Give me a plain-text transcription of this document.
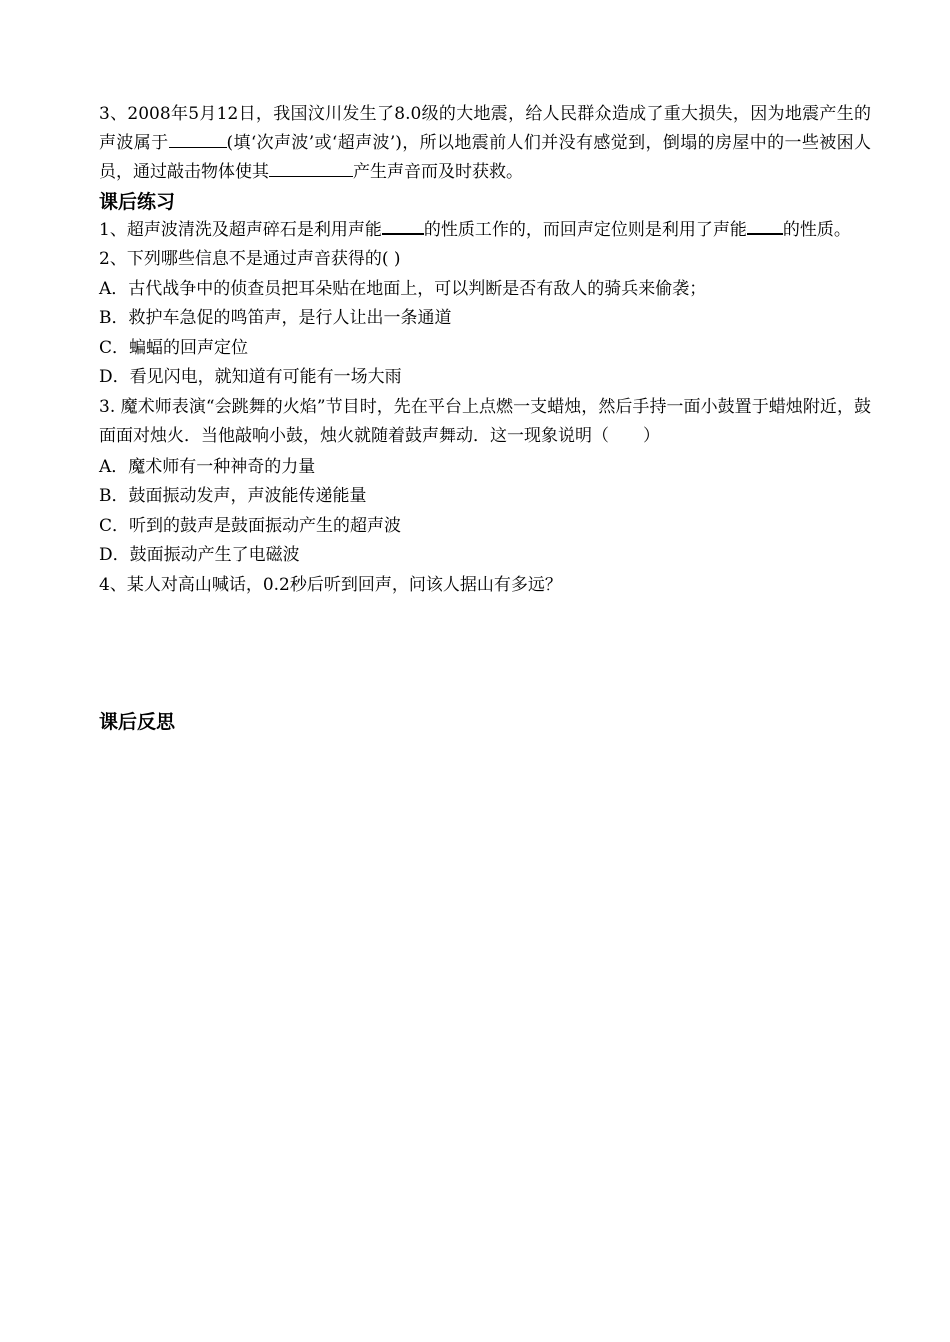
3、2008年5月12日，我国汶川发生了8.0级的大地震，给人民群众造成了重大损失，因为地震产生的声波属于	(填‘次声波’或‘超声波’)，所以地震前人们并没有感觉到，倒塌的房屋中的一些被困人员，通过敲击物体使其	产生声音而及时获救。

课后练习

1、超声波清洗及超声碎石是利用声能 的性质工作的，而回声定位则是利用了声能 的性质。

2、下列哪些信息不是通过声音获得的( )

A．古代战争中的侦查员把耳朵贴在地面上，可以判断是否有敌人的骑兵来偷袭；

B．救护车急促的鸣笛声，是行人让出一条通道

C．蝙蝠的回声定位

D．看见闪电，就知道有可能有一场大雨

3. 魔术师表演“会跳舞的火焰”节目时，先在平台上点燃一支蜡烛，然后手持一面小鼓置于蜡烛附近，鼓面面对烛火．当他敲响小鼓，烛火就随着鼓声舞动．这一现象说明（　　）

A．魔术师有一种神奇的力量

B．鼓面振动发声，声波能传递能量

C．听到的鼓声是鼓面振动产生的超声波

D．鼓面振动产生了电磁波

4、某人对高山喊话，0.2秒后听到回声，问该人据山有多远？

课后反思
